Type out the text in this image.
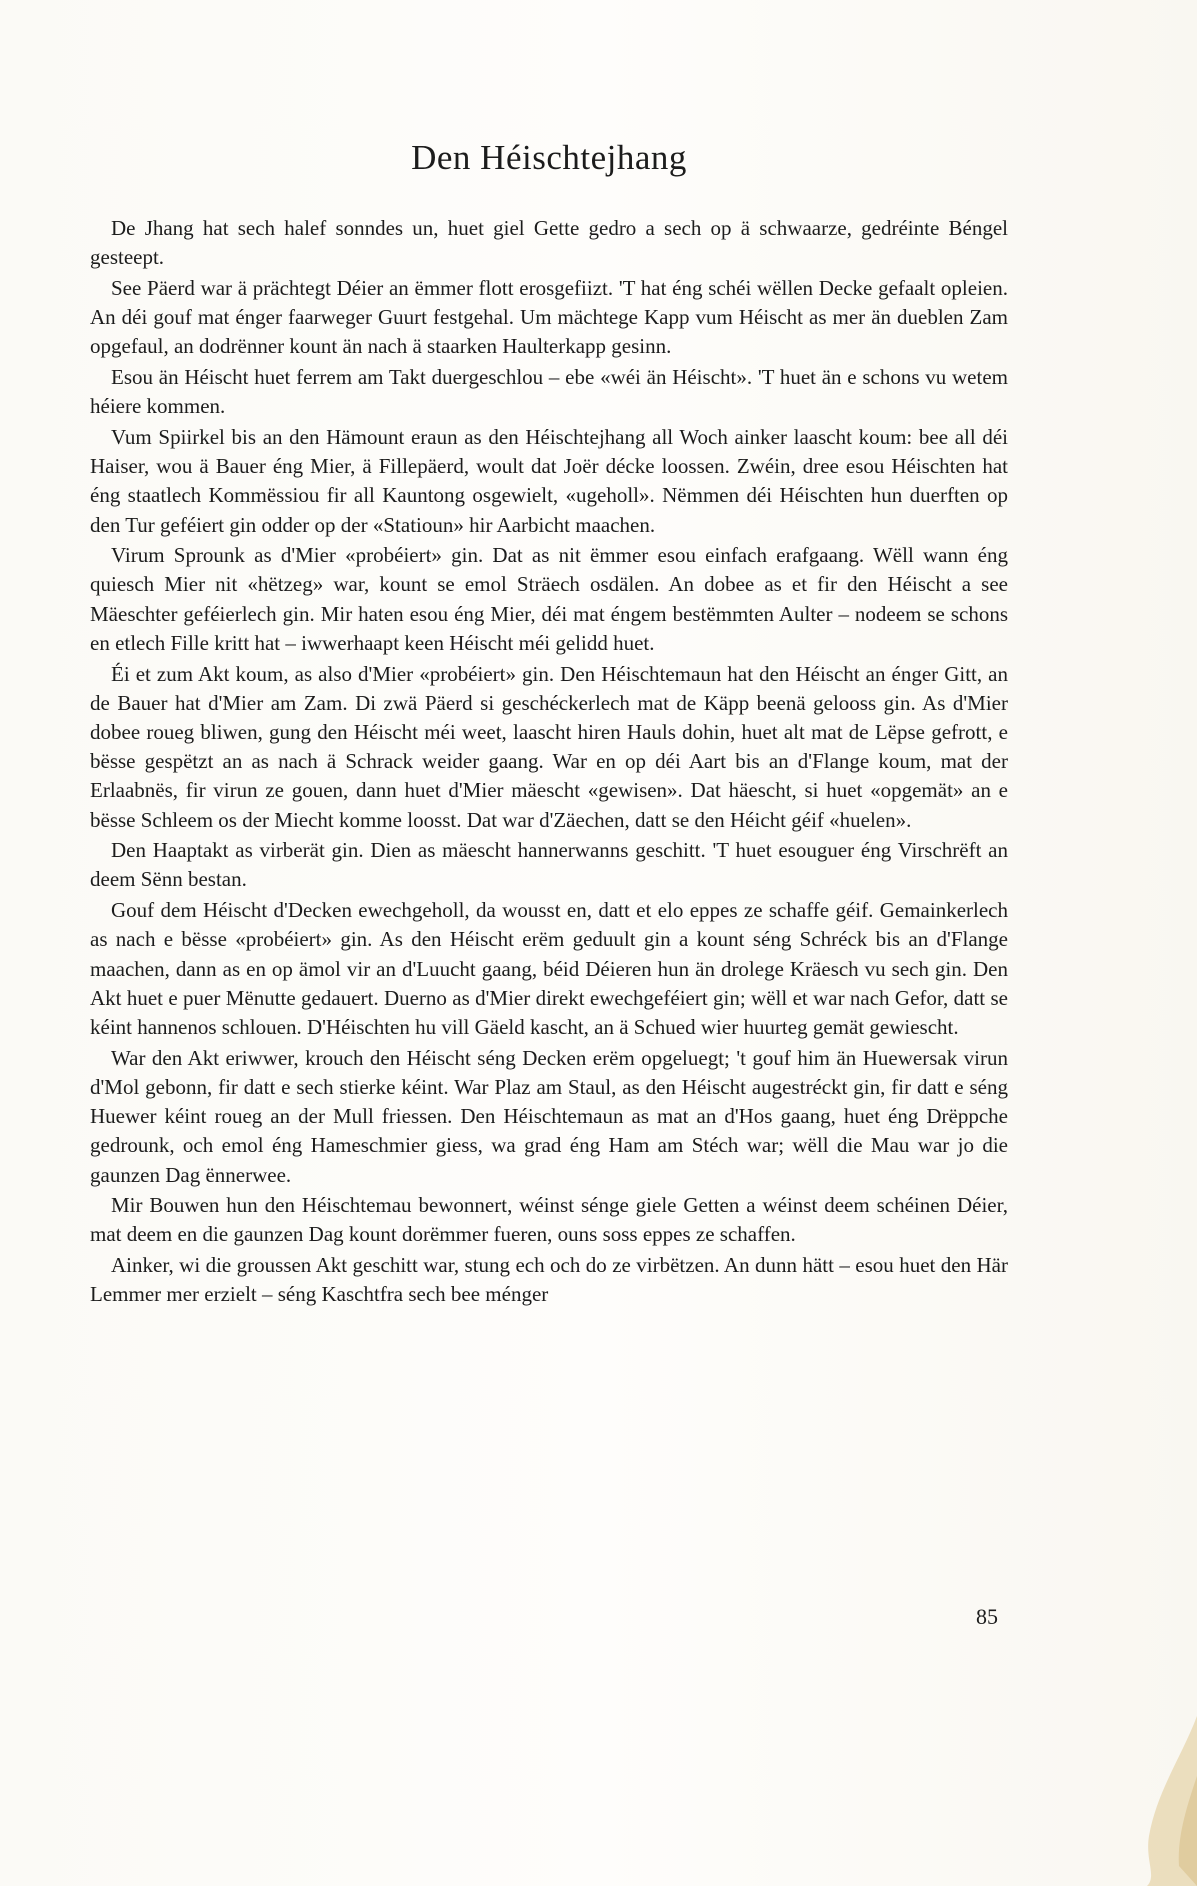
Den Héischtejhang

De Jhang hat sech halef sonndes un, huet giel Gette gedro a sech op ä schwaarze, gedréinte Béngel gesteept.

See Päerd war ä prächtegt Déier an ëmmer flott erosgefiizt. 'T hat éng schéi wëllen Decke gefaalt opleien. An déi gouf mat énger faarweger Guurt festgehal. Um mächtege Kapp vum Héischt as mer än dueblen Zam opgefaul, an dodrënner kount än nach ä staarken Haulterkapp gesinn.

Esou än Héischt huet ferrem am Takt duergeschlou – ebe «wéi än Héischt». 'T huet än e schons vu wetem héiere kommen.

Vum Spiirkel bis an den Hämount eraun as den Héischtejhang all Woch ainker laascht koum: bee all déi Haiser, wou ä Bauer éng Mier, ä Fillepäerd, woult dat Joër décke loossen. Zwéin, dree esou Héischten hat éng staatlech Kommëssiou fir all Kauntong osgewielt, «ugeholl». Nëmmen déi Héischten hun duerften op den Tur geféiert gin odder op der «Statioun» hir Aarbicht maachen.

Virum Sprounk as d'Mier «probéiert» gin. Dat as nit ëmmer esou einfach erafgaang. Wëll wann éng quiesch Mier nit «hëtzeg» war, kount se emol Sträech osdälen. An dobee as et fir den Héischt a see Mäeschter geféierlech gin. Mir haten esou éng Mier, déi mat éngem bestëmmten Aulter – nodeem se schons en etlech Fille kritt hat – iwwerhaapt keen Héischt méi gelidd huet.

Éi et zum Akt koum, as also d'Mier «probéiert» gin. Den Héischtemaun hat den Héischt an énger Gitt, an de Bauer hat d'Mier am Zam. Di zwä Päerd si geschéckerlech mat de Käpp beenä gelooss gin. As d'Mier dobee roueg bliwen, gung den Héischt méi weet, laascht hiren Hauls dohin, huet alt mat de Lëpse gefrott, e bësse gespëtzt an as nach ä Schrack weider gaang. War en op déi Aart bis an d'Flange koum, mat der Erlaabnës, fir virun ze gouen, dann huet d'Mier mäescht «gewisen». Dat häescht, si huet «opgemät» an e bësse Schleem os der Miecht komme loosst. Dat war d'Zäechen, datt se den Héicht géif «huelen».

Den Haaptakt as virberät gin. Dien as mäescht hannerwanns geschitt. 'T huet esouguer éng Virschrëft an deem Sënn bestan.

Gouf dem Héischt d'Decken ewechgeholl, da wousst en, datt et elo eppes ze schaffe géif. Gemainkerlech as nach e bësse «probéiert» gin. As den Héischt erëm geduult gin a kount séng Schréck bis an d'Flange maachen, dann as en op ämol vir an d'Luucht gaang, béid Déieren hun än drolege Kräesch vu sech gin. Den Akt huet e puer Mënutte gedauert. Duerno as d'Mier direkt ewechgeféiert gin; wëll et war nach Gefor, datt se kéint hannenos schlouen. D'Héischten hu vill Gäeld kascht, an ä Schued wier huurteg gemät gewiescht.

War den Akt eriwwer, krouch den Héischt séng Decken erëm opgeluegt; 't gouf him än Huewersak virun d'Mol gebonn, fir datt e sech stierke kéint. War Plaz am Staul, as den Héischt augestréckt gin, fir datt e séng Huewer kéint roueg an der Mull friessen. Den Héischtemaun as mat an d'Hos gaang, huet éng Drëppche gedrounk, och emol éng Hameschmier giess, wa grad éng Ham am Stéch war; wëll die Mau war jo die gaunzen Dag ënnerwee.

Mir Bouwen hun den Héischtemau bewonnert, wéinst sénge giele Getten a wéinst deem schéinen Déier, mat deem en die gaunzen Dag kount dorëmmer fueren, ouns soss eppes ze schaffen.

Ainker, wi die groussen Akt geschitt war, stung ech och do ze virbëtzen. An dunn hätt – esou huet den Här Lemmer mer erzielt – séng Kaschtfra sech bee ménger

85
